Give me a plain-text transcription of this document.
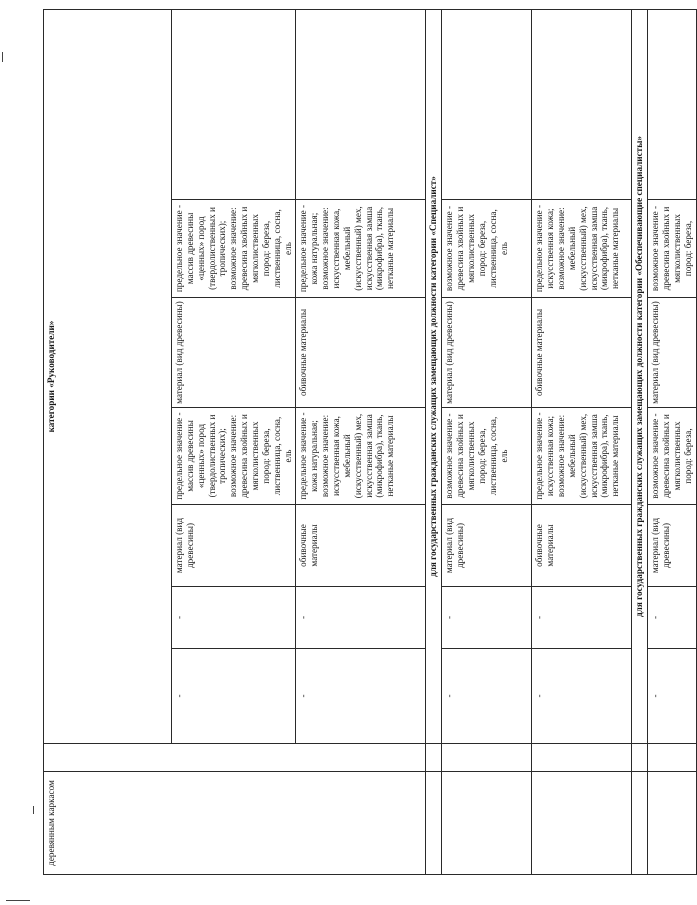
деревянным каркасом		категории «Руководители»						
		-	-	материал (вид древесины)	предельное значение - массив древесины «ценных» пород (твердолиственных и тропических); возможное значение: древесина хвойных и мягколиственных пород: береза, лиственница, сосна, ель	материал (вид древесины)	предельное значение - массив древесины «ценных» пород (твердолиственных и тропических); возможное значение: древесина хвойных и мягколиственных пород: береза, лиственница, сосна, ель	
		-	-	обивочные материалы	предельное значение - кожа натуральная; возможное значение: искусственная кожа, мебельный (искусственный) мех, искусственная замша (микрофибра), ткань, нетканые материалы	обивочные материалы	предельное значение - кожа натуральная; возможное значение: искусственная кожа, мебельный (искусственный) мех, искусственная замша (микрофибра), ткань, нетканые материалы	
		для государственных гражданских служащих замещающих должности категории «Специалист»						
		-	-	материал (вид древесины)	возможное значение - древесина хвойных и мягколиственных пород: береза, лиственница, сосна, ель	материал (вид древесины)	возможное значение - древесина хвойных и мягколиственных пород: береза, лиственница, сосна, ель	
		-	-	обивочные материалы	предельное значение - искусственная кожа; возможное значение: мебельный (искусственный) мех, искусственная замша (микрофибра), ткань, нетканые материалы	обивочные материалы	предельное значение - искусственная кожа; возможное значение: мебельный (искусственный) мех, искусственная замша (микрофибра), ткань, нетканые материалы	
		для государственных гражданских служащих замещающих должности категории «Обеспечивающие специалисты»						
		-	-	материал (вид древесины)	возможное значение - древесина хвойных и мягколиственных пород: береза,	материал (вид древесины)	возможное значение - древесина хвойных и мягколиственных пород: береза,	
